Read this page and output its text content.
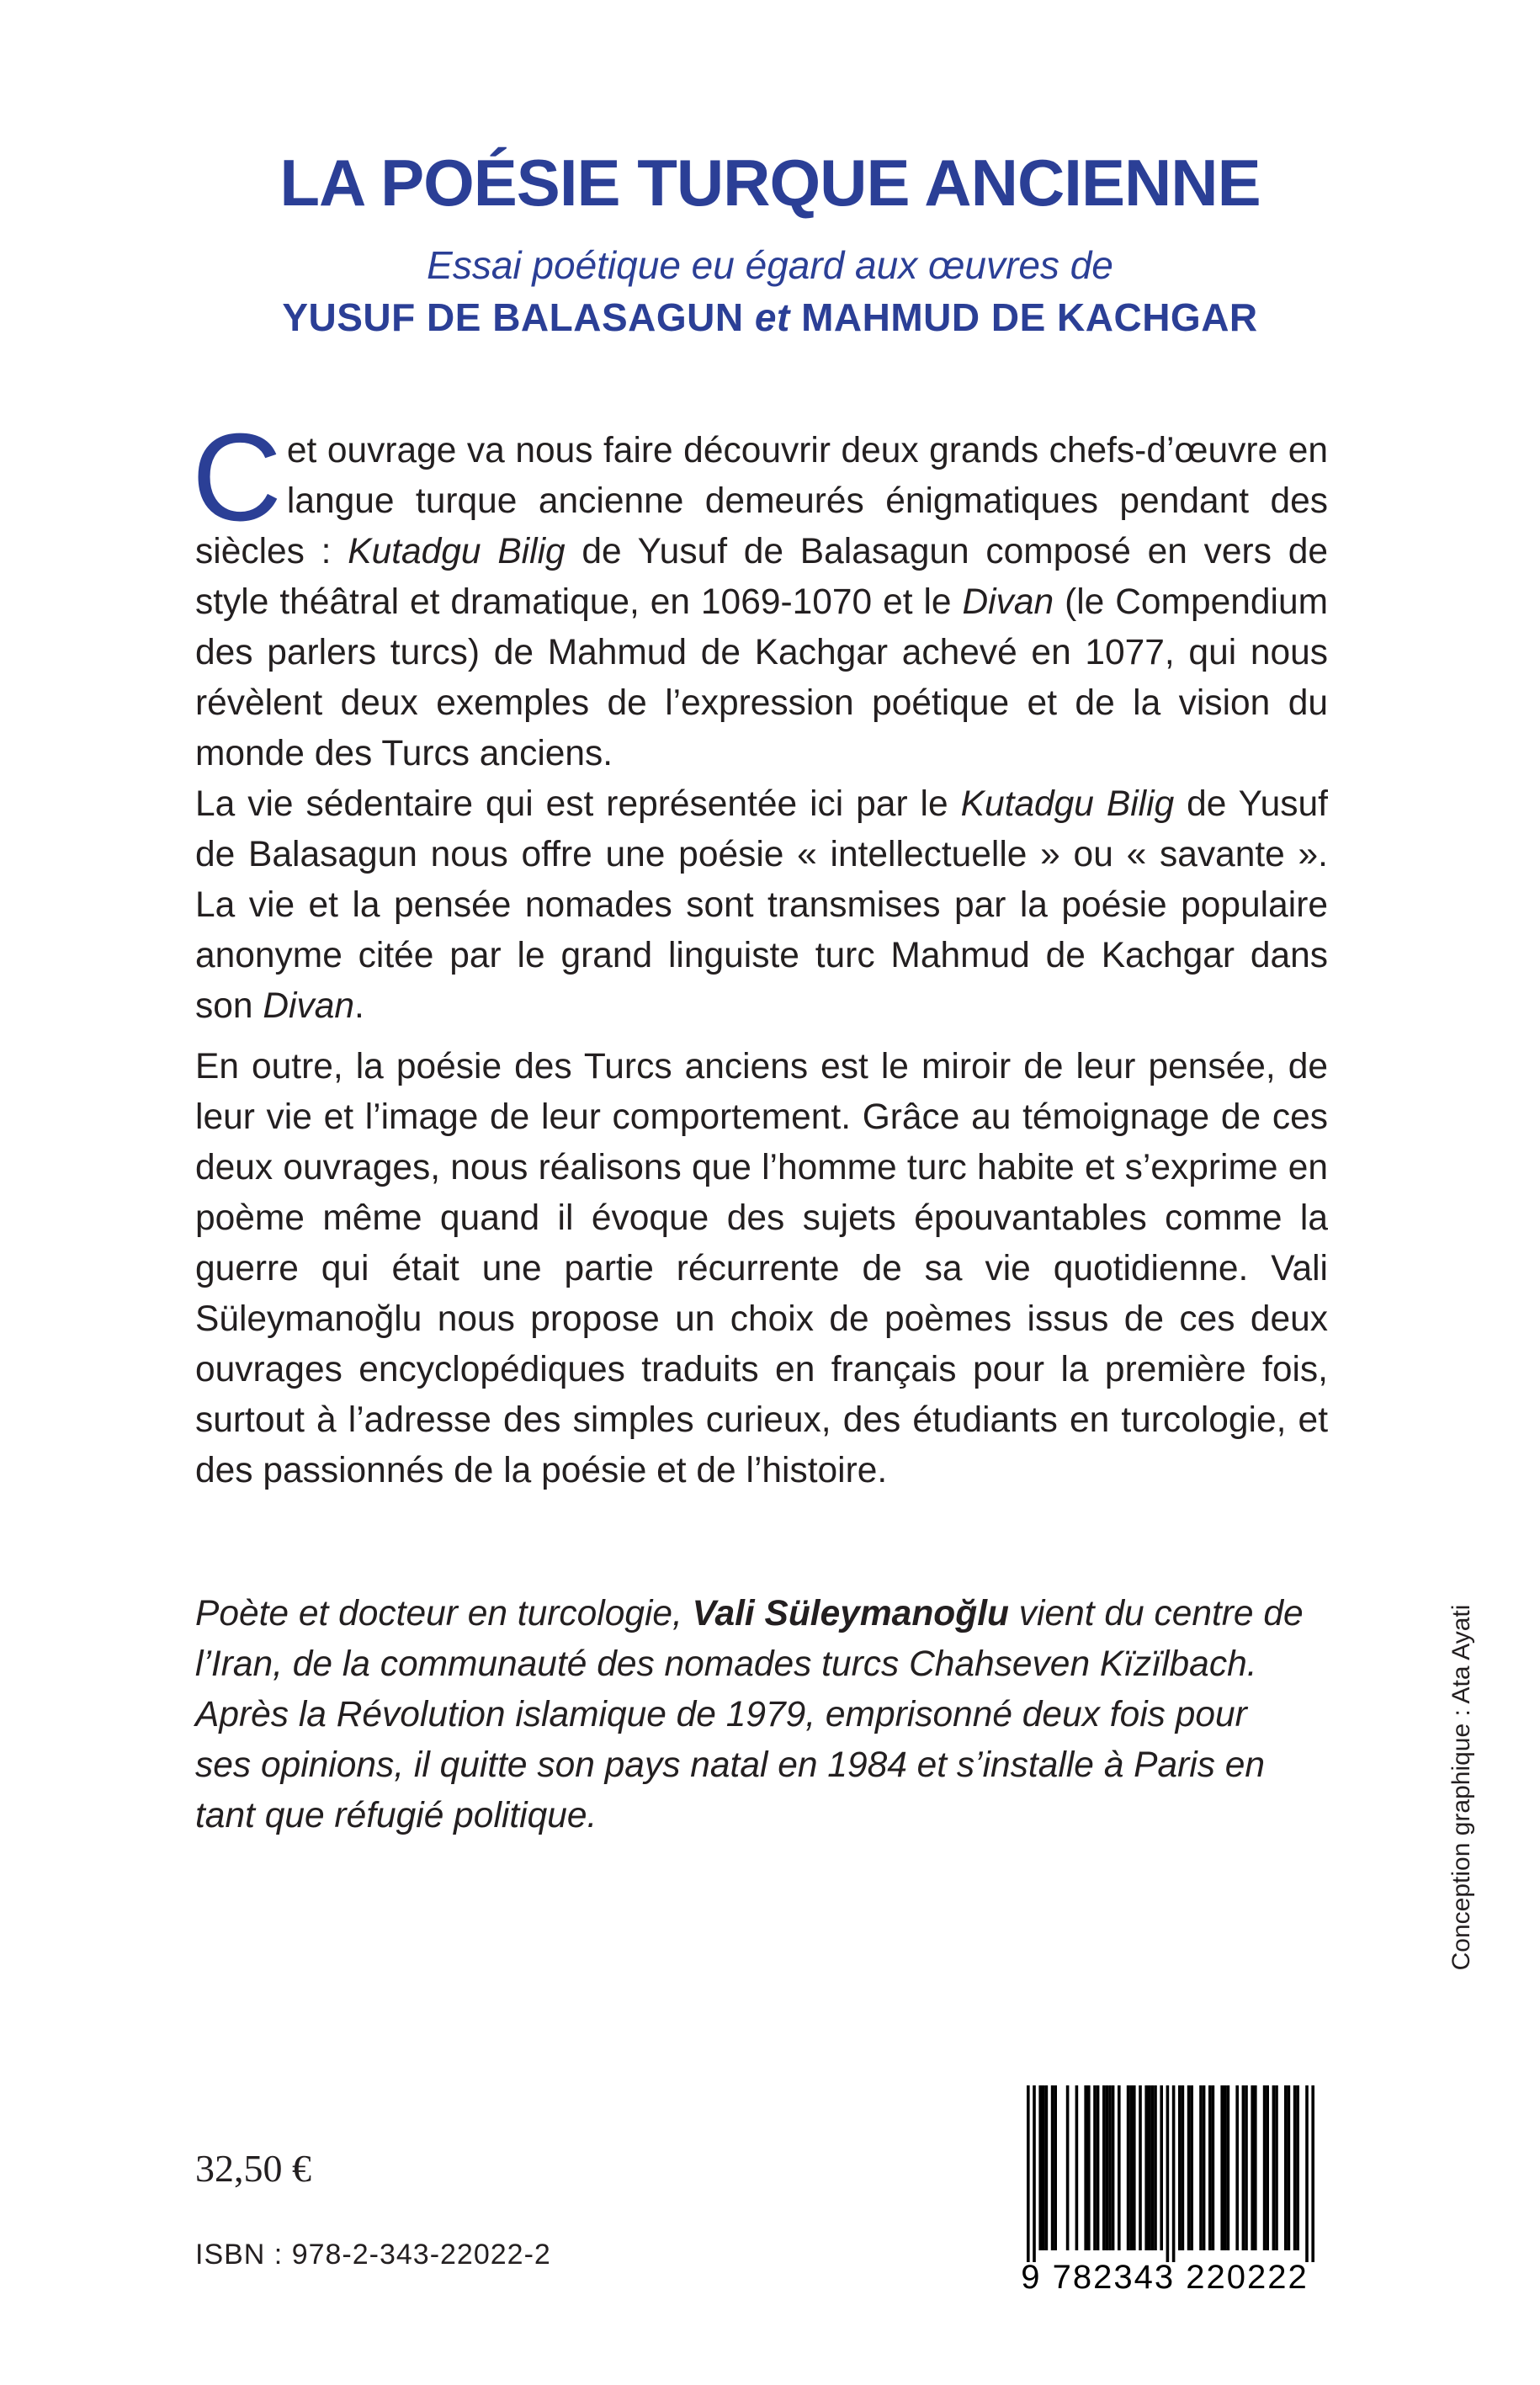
LA POÉSIE TURQUE ANCIENNE
Essai poétique eu égard aux œuvres de
YUSUF DE BALASAGUN et MAHMUD DE KACHGAR

Cet ouvrage va nous faire découvrir deux grands chefs-d’œuvre en langue turque ancienne demeurés énigmatiques pendant des siècles : Kutadgu Bilig de Yusuf de Balasagun composé en vers de style théâtral et dramatique, en 1069-1070 et le Divan (le Compendium des parlers turcs) de Mahmud de Kachgar achevé en 1077, qui nous révèlent deux exemples de l’expression poétique et de la vision du monde des Turcs anciens.

La vie sédentaire qui est représentée ici par le Kutadgu Bilig de Yusuf de Balasagun nous offre une poésie « intellectuelle » ou « savante ». La vie et la pensée nomades sont transmises par la poésie populaire anonyme citée par le grand linguiste turc Mahmud de Kachgar dans son Divan.

En outre, la poésie des Turcs anciens est le miroir de leur pensée, de leur vie et l’image de leur comportement. Grâce au témoignage de ces deux ouvrages, nous réalisons que l’homme turc habite et s’exprime en poème même quand il évoque des sujets épouvantables comme la guerre qui était une partie récurrente de sa vie quotidienne. Vali Süleymanoğlu nous propose un choix de poèmes issus de ces deux ouvrages encyclopédiques traduits en français pour la première fois, surtout à l’adresse des simples curieux, des étudiants en turcologie, et des passionnés de la poésie et de l’histoire.

Poète et docteur en turcologie, Vali Süleymanoğlu vient du centre de

l’Iran, de la communauté des nomades turcs Chahseven Kïzïlbach.

Après la Révolution islamique de 1979, emprisonné deux fois pour

ses opinions, il quitte son pays natal en 1984 et s’installe à Paris en

tant que réfugié politique.	Conception graphique : Ata Ayati
32,50 €
ISBN : 978-2-343-22022-2
9 782343 220222
